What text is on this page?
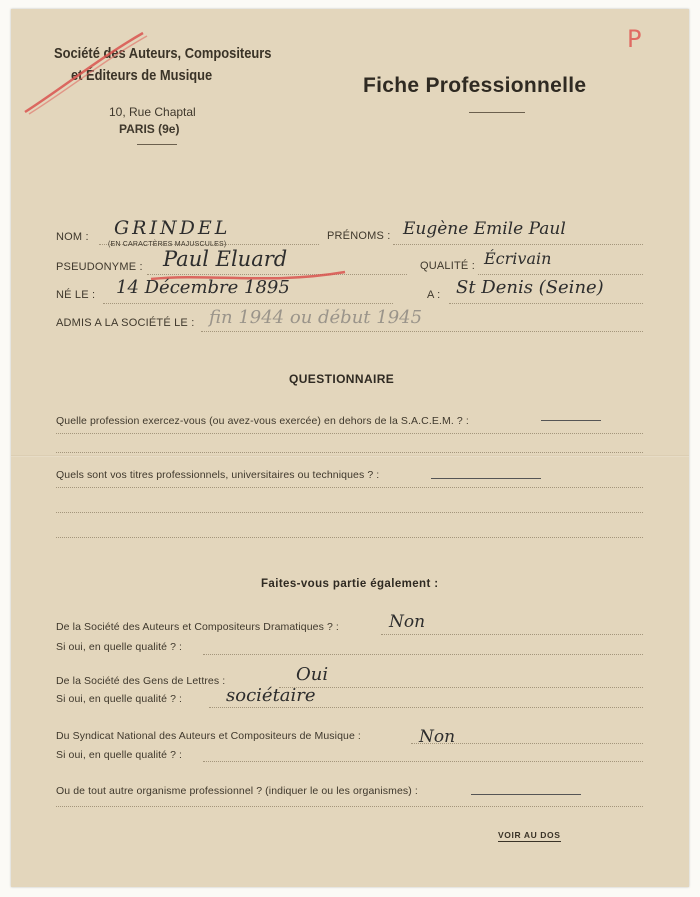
Société des Auteurs, Compositeurs
et Éditeurs de Musique
10, Rue Chaptal
PARIS (9e)
Fiche Professionnelle
P
NOM : GRINDEL
(EN CARACTÈRES MAJUSCULES)
PRÉNOMS : Eugène Emile Paul
PSEUDONYME : Paul Eluard	QUALITÉ : Écrivain
NÉ LE : 14 Décembre 1895	A : St Denis (Seine)
ADMIS A LA SOCIÉTÉ LE : fin 1944 ou début 1945
QUESTIONNAIRE
Quelle profession exercez-vous (ou avez-vous exercée) en dehors de la S.A.C.E.M. ? :
Quels sont vos titres professionnels, universitaires ou techniques ? :
Faites-vous partie également :
De la Société des Auteurs et Compositeurs Dramatiques ? :	Non
Si oui, en quelle qualité ? :
De la Société des Gens de Lettres :	Oui
Si oui, en quelle qualité ? : sociétaire
Du Syndicat National des Auteurs et Compositeurs de Musique :	Non
Si oui, en quelle qualité ? :
Ou de tout autre organisme professionnel ? (indiquer le ou les organismes) :
VOIR AU DOS
